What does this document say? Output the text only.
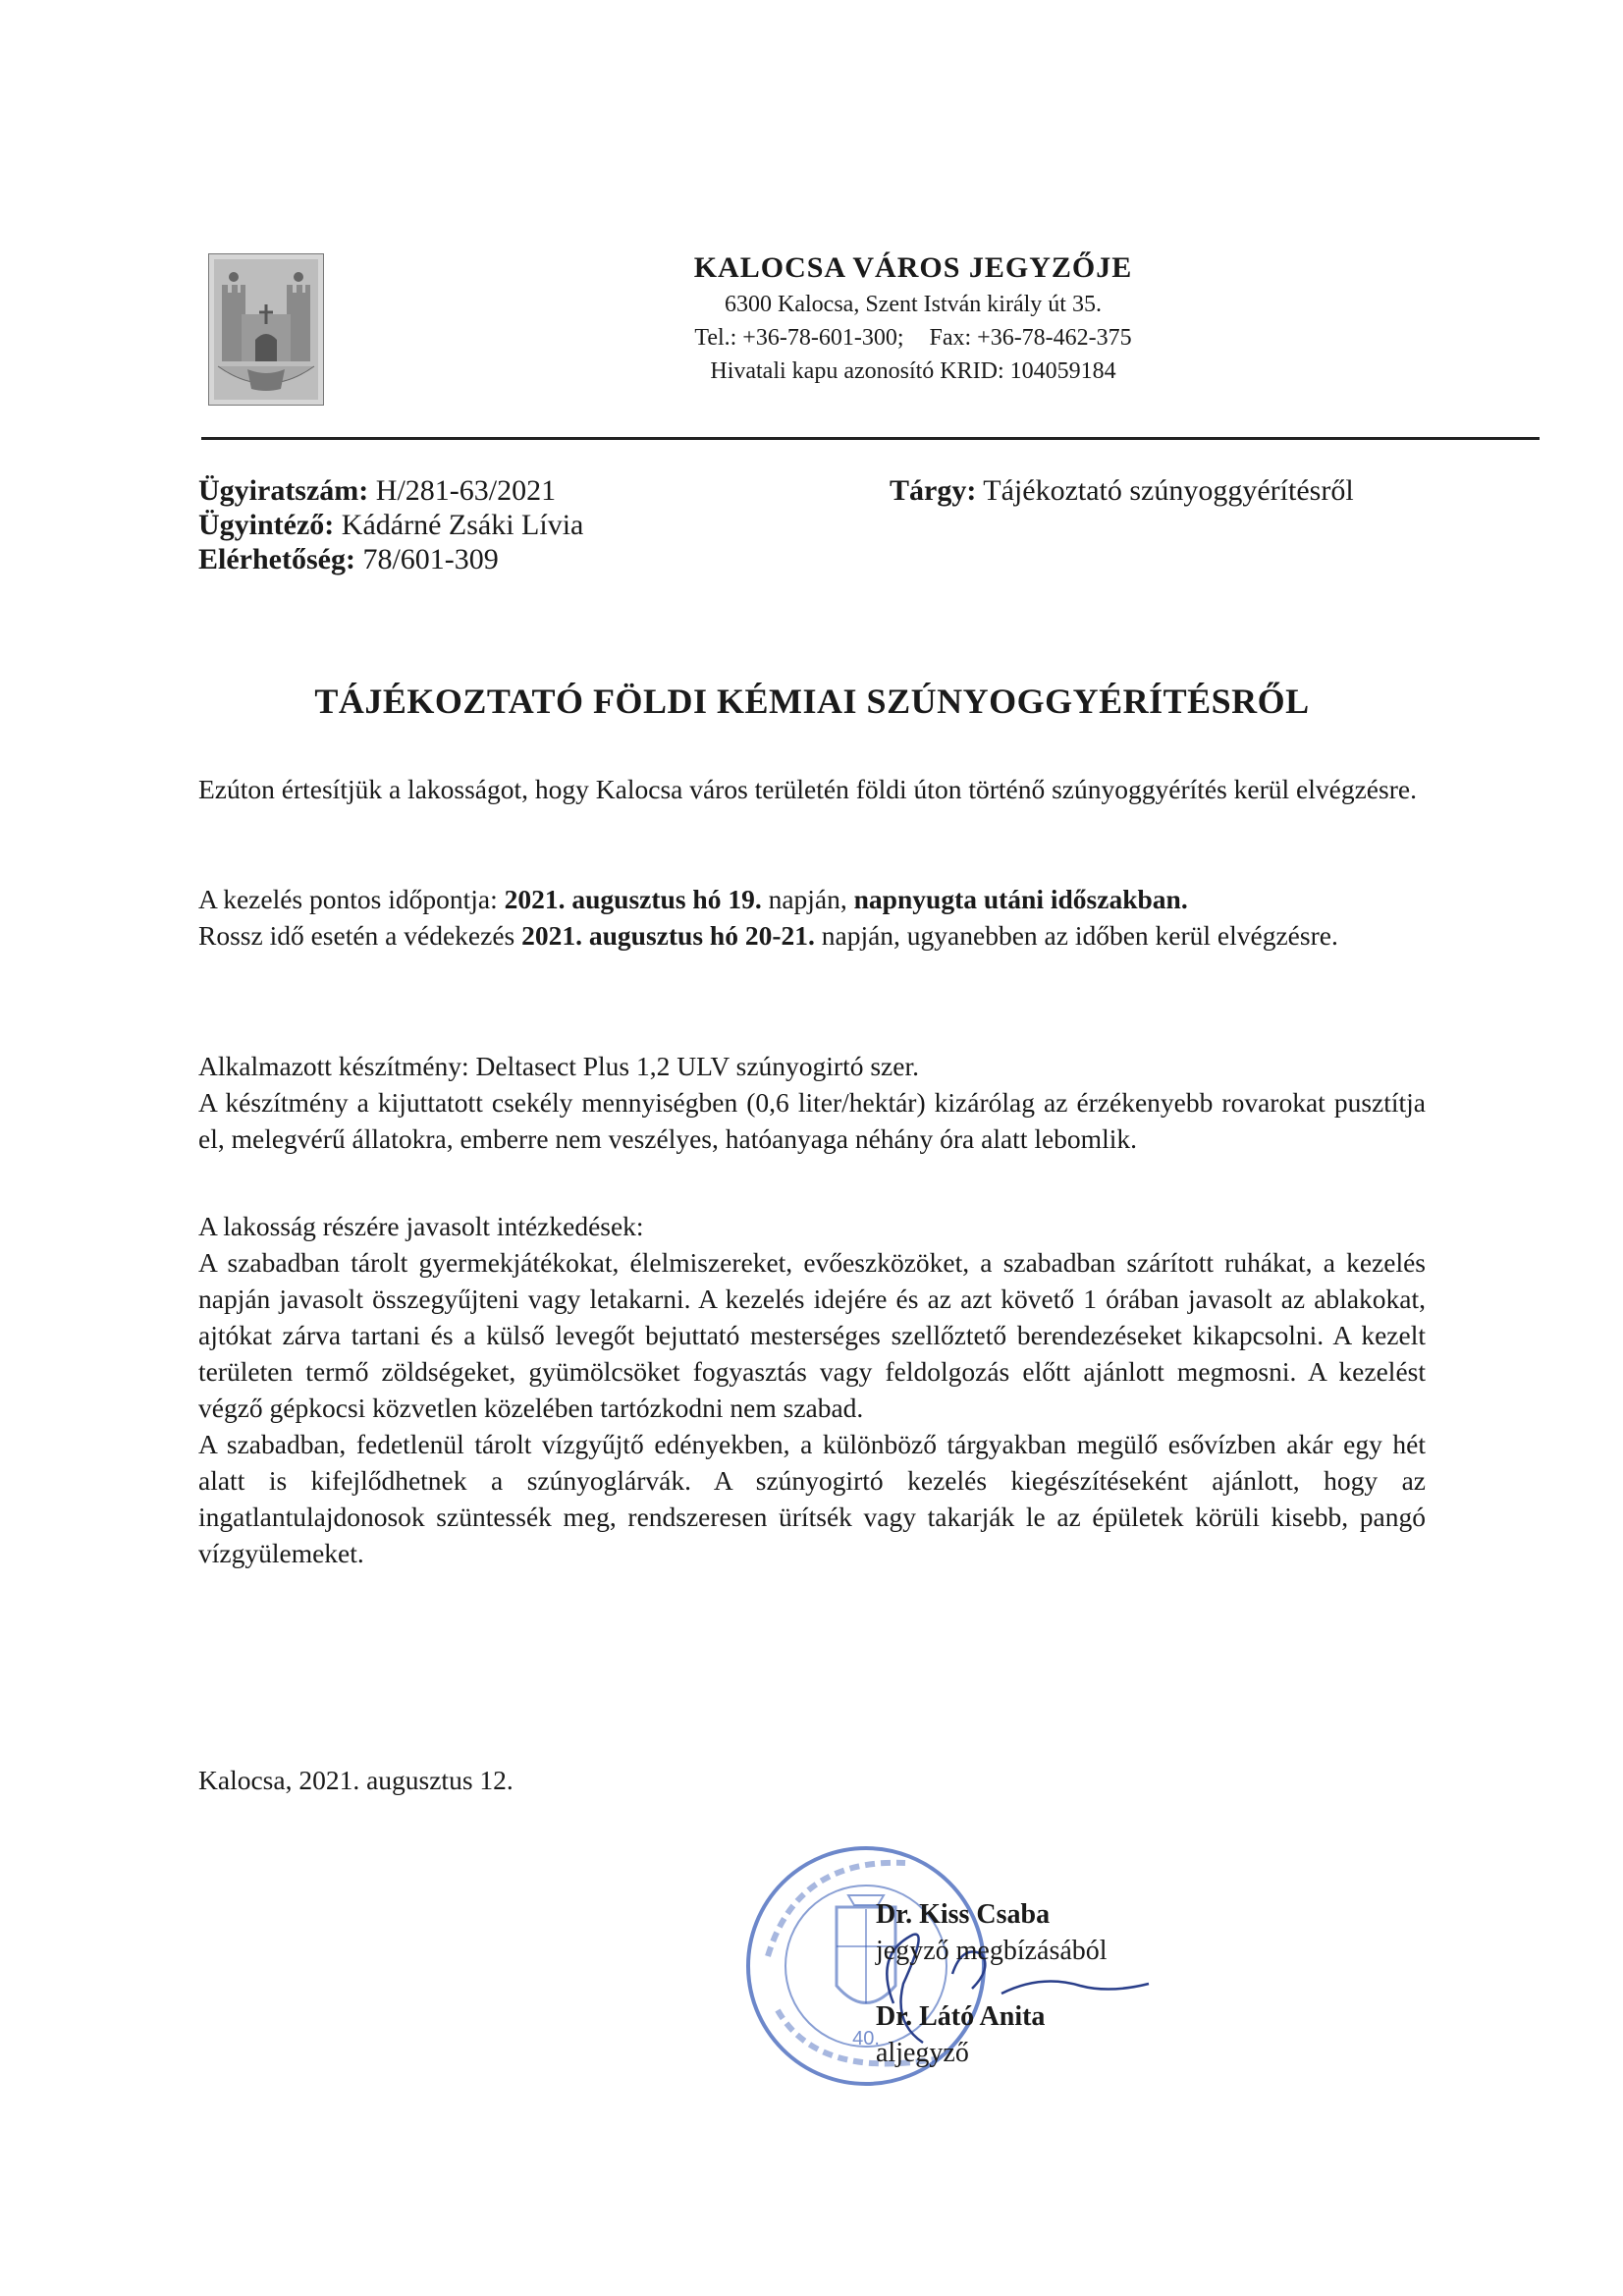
KALOCSA VÁROS JEGYZŐJE
6300 Kalocsa, Szent István király út 35.
Tel.: +36-78-601-300; Fax: +36-78-462-375
Hivatali kapu azonosító KRID: 104059184
Ügyiratszám: H/281-63/2021
Ügyintéző: Kádárné Zsáki Lívia
Elérhetőség: 78/601-309
Tárgy: Tájékoztató szúnyoggyérítésről
TÁJÉKOZTATÓ FÖLDI KÉMIAI SZÚNYOGGYÉRÍTÉSRŐL

Ezúton értesítjük a lakosságot, hogy Kalocsa város területén földi úton történő szúnyoggyérítés kerül elvégzésre.

A kezelés pontos időpontja: 2021. augusztus hó 19. napján, napnyugta utáni időszakban.

Rossz idő esetén a védekezés 2021. augusztus hó 20-21. napján, ugyanebben az időben kerül elvégzésre.

Alkalmazott készítmény: Deltasect Plus 1,2 ULV szúnyogirtó szer.

A készítmény a kijuttatott csekély mennyiségben (0,6 liter/hektár) kizárólag az érzékenyebb rovarokat pusztítja el, melegvérű állatokra, emberre nem veszélyes, hatóanyaga néhány óra alatt lebomlik.

A lakosság részére javasolt intézkedések:

A szabadban tárolt gyermekjátékokat, élelmiszereket, evőeszközöket, a szabadban szárított ruhákat, a kezelés napján javasolt összegyűjteni vagy letakarni. A kezelés idejére és az azt követő 1 órában javasolt az ablakokat, ajtókat zárva tartani és a külső levegőt bejuttató mesterséges szellőztető berendezéseket kikapcsolni. A kezelt területen termő zöldségeket, gyümölcsöket fogyasztás vagy feldolgozás előtt ajánlott megmosni. A kezelést végző gépkocsi közvetlen közelében tartózkodni nem szabad.

A szabadban, fedetlenül tárolt vízgyűjtő edényekben, a különböző tárgyakban megülő esővízben akár egy hét alatt is kifejlődhetnek a szúnyoglárvák. A szúnyogirtó kezelés kiegészítéseként ajánlott, hogy az ingatlantulajdonosok szüntessék meg, rendszeresen ürítsék vagy takarják le az épületek körüli kisebb, pangó vízgyülemeket.

Kalocsa, 2021. augusztus 12.
40.
Dr. Kiss Csaba
jegyző megbízásából
Dr. Látó Anita
aljegyző
